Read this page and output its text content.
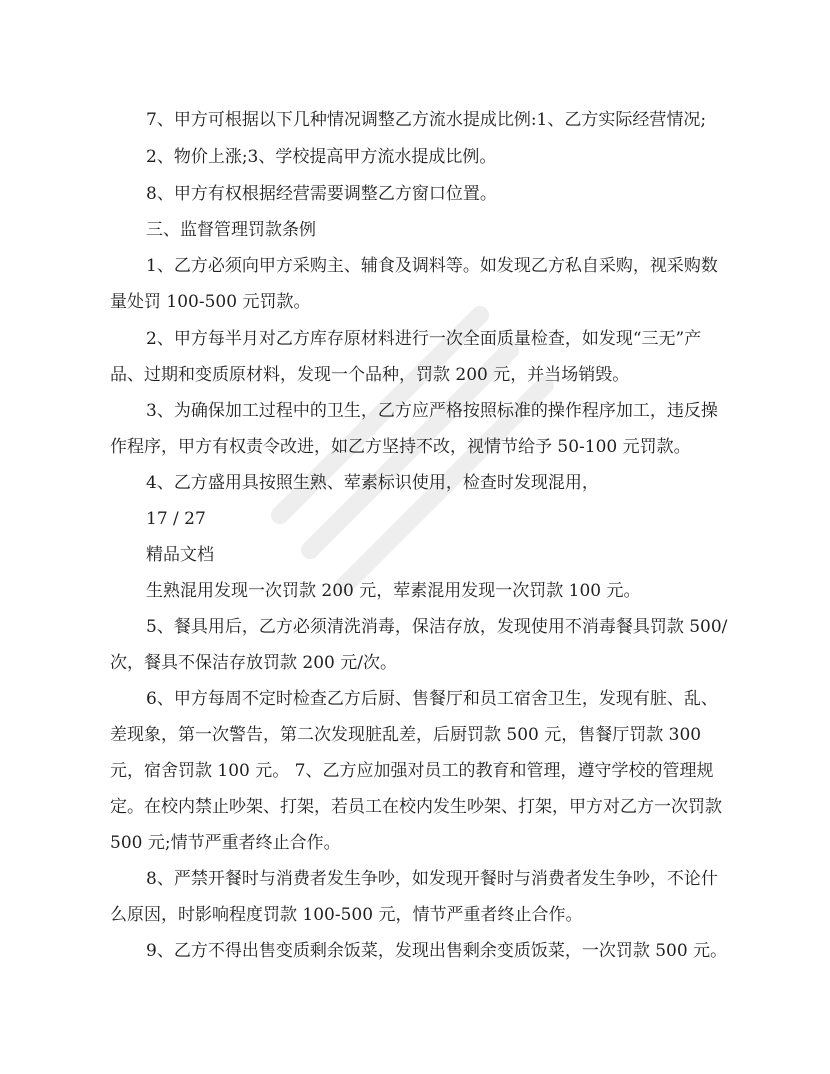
7、甲方可根据以下几种情况调整乙方流水提成比例:1、乙方实际经营情况;
2、物价上涨;3、学校提高甲方流水提成比例。
8、甲方有权根据经营需要调整乙方窗口位置。
三、监督管理罚款条例
1、乙方必须向甲方采购主、辅食及调料等。如发现乙方私自采购，视采购数
量处罚 100-500 元罚款。
2、甲方每半月对乙方库存原材料进行一次全面质量检查，如发现“三无”产
品、过期和变质原材料，发现一个品种，罚款 200 元，并当场销毁。
3、为确保加工过程中的卫生，乙方应严格按照标准的操作程序加工，违反操
作程序，甲方有权责令改进，如乙方坚持不改，视情节给予 50-100 元罚款。
4、乙方盛用具按照生熟、荤素标识使用，检查时发现混用，
17 / 27
精品文档
生熟混用发现一次罚款 200 元，荤素混用发现一次罚款 100 元。
5、餐具用后，乙方必须清洗消毒，保洁存放，发现使用不消毒餐具罚款 500/
次，餐具不保洁存放罚款 200 元/次。
6、甲方每周不定时检查乙方后厨、售餐厅和员工宿舍卫生，发现有脏、乱、
差现象，第一次警告，第二次发现脏乱差，后厨罚款 500 元，售餐厅罚款 300
元，宿舍罚款 100 元。 7、乙方应加强对员工的教育和管理，遵守学校的管理规
定。在校内禁止吵架、打架，若员工在校内发生吵架、打架，甲方对乙方一次罚款
500 元;情节严重者终止合作。
8、严禁开餐时与消费者发生争吵，如发现开餐时与消费者发生争吵，不论什
么原因，时影响程度罚款 100-500 元，情节严重者终止合作。
9、乙方不得出售变质剩余饭菜，发现出售剩余变质饭菜，一次罚款 500 元。
